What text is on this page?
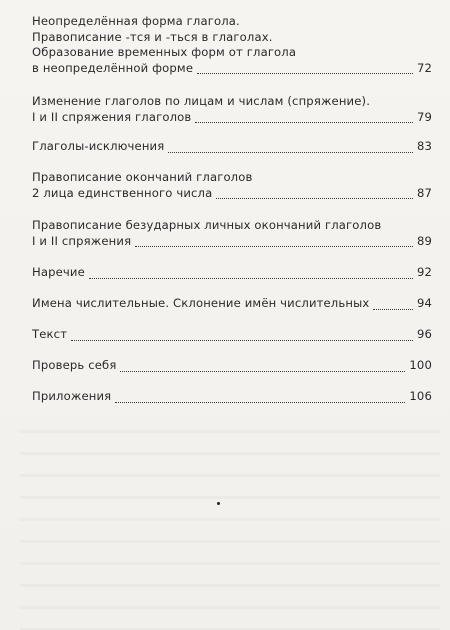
Неопределённая форма глагола.
Правописание -тся и -ться в глаголах.
Образование временных форм от глагола
в неопределённой форме	72
Изменение глаголов по лицам и числам (спряжение).
I и II спряжения глаголов	79
Глаголы-исключения	83
Правописание окончаний глаголов
2 лица единственного числа	87
Правописание безударных личных окончаний глаголов
I и II спряжения	89
Наречие	92
Имена числительные. Склонение имён числительных	94
Текст	96
Проверь себя	100
Приложения	106
